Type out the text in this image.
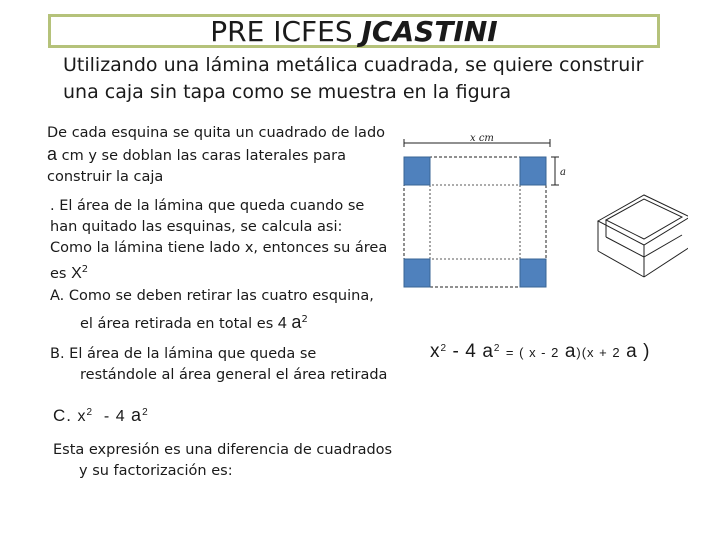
PRE ICFES JCASTINI
Utilizando una lámina metálica cuadrada, se quiere construir
una caja sin tapa como se muestra en la figura
De cada esquina se quita un cuadrado de lado
a cm y se doblan las caras laterales para
construir la caja
. El área de la lámina que queda cuando se
han quitado las esquinas, se calcula asi:
Como la lámina tiene lado x, entonces su área
es $X^2$
A. Como se deben retirar las cuatro esquina,
el área retirada en total es 4 $a^2$
B. El área de la lámina que queda se
restándole al área general el área retirada
C. $x^2 - 4$ $a^2$
Esta expresión es una diferencia de cuadrados
y su factorización es:
x cm
a
$x^2 - 4$ $a^2$ = ( x - 2 a)(x + 2 a )
